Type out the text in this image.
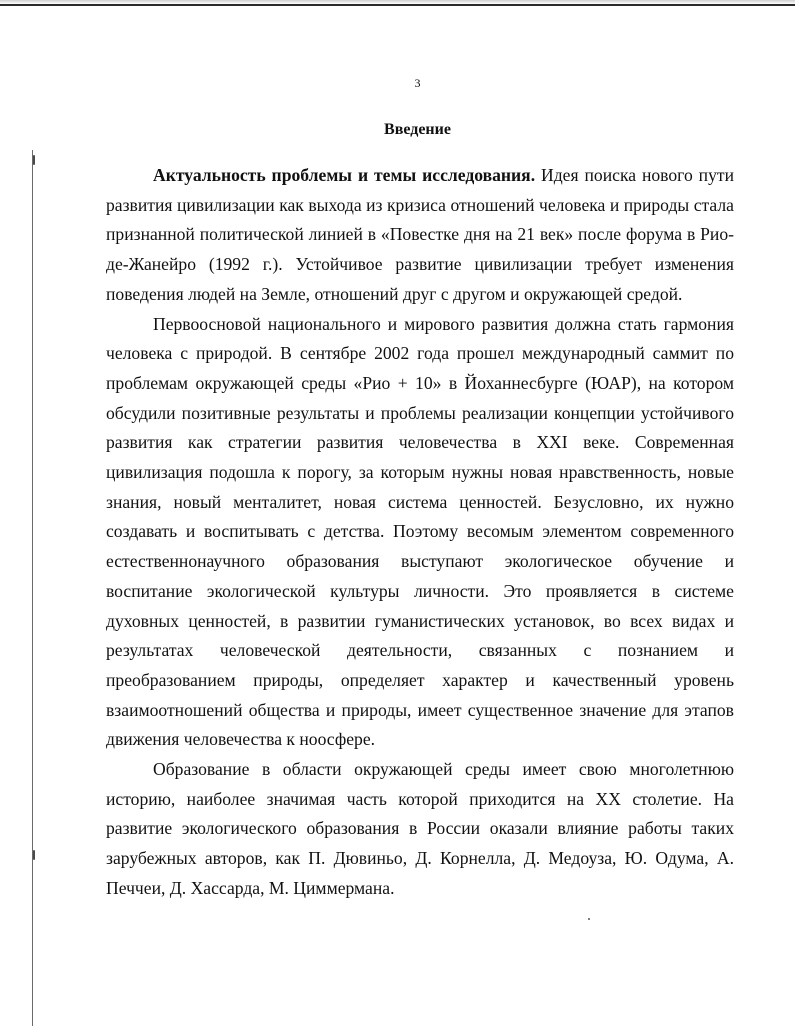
3
Введение

Актуальность проблемы и темы исследования. Идея поиска нового пути развития цивилизации как выхода из кризиса отношений человека и природы стала признанной политической линией в «Повестке дня на 21 век» после форума в Рио-де-Жанейро (1992 г.). Устойчивое развитие цивилизации требует изменения поведения людей на Земле, отношений друг с другом и окружающей средой.

Первоосновой национального и мирового развития должна стать гармония человека с природой. В сентябре 2002 года прошел международный саммит по проблемам окружающей среды «Рио + 10» в Йоханнесбурге (ЮАР), на котором обсудили позитивные результаты и проблемы реализации концепции устойчивого развития как стратегии развития человечества в XXI веке. Современная цивилизация подошла к порогу, за которым нужны новая нравственность, новые знания, новый менталитет, новая система ценностей. Безусловно, их нужно создавать и воспитывать с детства. Поэтому весомым элементом современного естественнонаучного образования выступают экологическое обучение и воспитание экологической культуры личности. Это проявляется в системе духовных ценностей, в развитии гуманистических установок, во всех видах и результатах человеческой деятельности, связанных с познанием и преобразованием природы, определяет характер и качественный уровень взаимоотношений общества и природы, имеет существенное значение для этапов движения человечества к ноосфере.

Образование в области окружающей среды имеет свою многолетнюю историю, наиболее значимая часть которой приходится на XX столетие. На развитие экологического образования в России оказали влияние работы таких зарубежных авторов, как П. Дювиньо, Д. Корнелла, Д. Медоуза, Ю. Одума, А. Печчеи, Д. Хассарда, М. Циммермана.
